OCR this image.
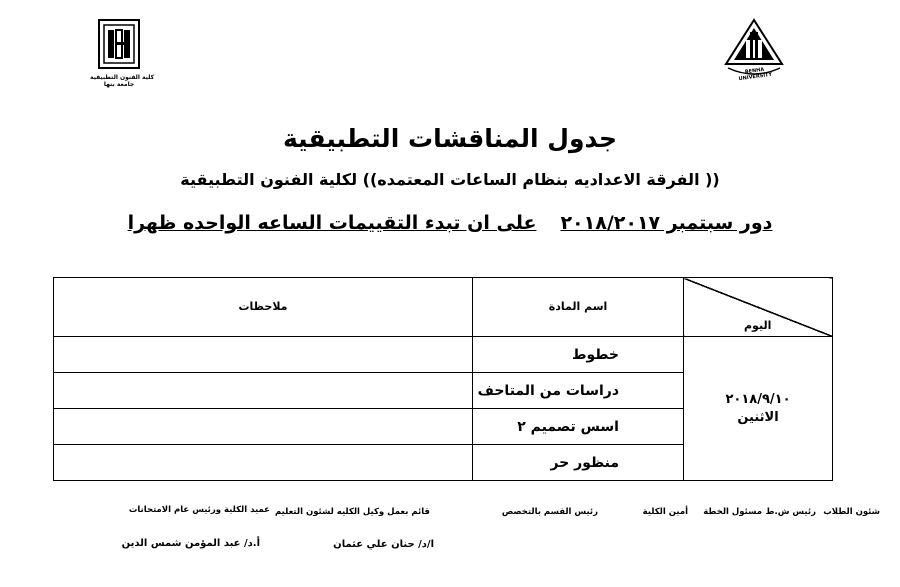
BENHA UNIVERSITY
كلية الفنون التطبيقية
جامعة بنها
جدول المناقشات التطبيقية
(( الفرقة الاعداديه بنظام الساعات المعتمده)) لكلية الفنون التطبيقية
دور سبتمبر ٢٠١٨/٢٠١٧على ان تبدء التقييمات الساعه الواحده ظهرا
اليوم	اسم المادة	ملاحظات

٢٠١٨/٩/١٠
الاثنين	خطوط	
	دراسات من المتاحف	
	اسس تصميم ٢	
	منظور حر	
شئون الطلاب
رئيس ش.ط
مسئول الخطة
أمين الكلية
رئيس القسم بالتخصص
قائم بعمل وكيل الكليه لشئون التعليم
عميد الكلية ورئيس عام الامتحانات
ا/د/ حنان علي عثمان
أ.د/ عبد المؤمن شمس الدين
